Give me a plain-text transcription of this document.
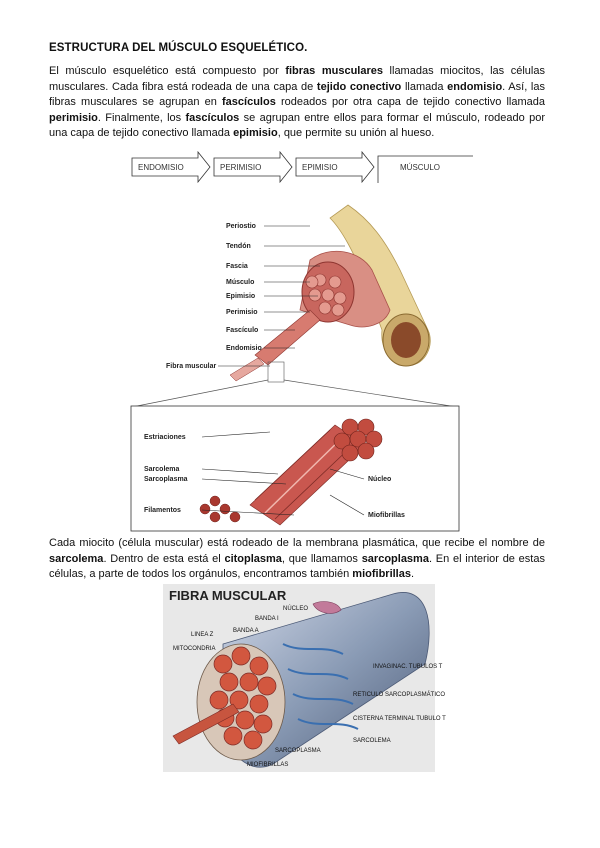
ESTRUCTURA DEL MÚSCULO ESQUELÉTICO.

El músculo esquelético está compuesto por fibras musculares llamadas miocitos, las células musculares. Cada fibra está rodeada de una capa de tejido conectivo llamada endomisio. Así, las fibras musculares se agrupan en fascículos rodeados por otra capa de tejido conectivo llamada perimisio. Finalmente, los fascículos se agrupan entre ellos para formar el músculo, rodeado por una capa de tejido conectivo llamada epimisio, que permite su unión al hueso.

ENDOMISIO	PERIMISIO	EPIMISIO	MÚSCULO
Periostio
Tendón
Fascia
Músculo
Epimisio
Perimisio
Fascículo
Endomisio
Fibra muscular
Estriaciones
Sarcolema
Sarcoplasma
Filamentos
Núcleo
Miofibrillas

Cada miocito (célula muscular) está rodeado de la membrana plasmática, que recibe el nombre de sarcolema. Dentro de esta está el citoplasma, que llamamos sarcoplasma. En el interior de estas células, a parte de todos los orgánulos, encontramos también miofibrillas.

FIBRA MUSCULAR
NÚCLEO
BANDA I
BANDA A
LINEA Z
MITOCONDRIA
INVAGINAC. TUBULOS T
RETICULO SARCOPLASMÁTICO
CISTERNA TERMINAL TUBULO T
SARCOLEMA
SARCOPLASMA
MIOFIBRILLAS
